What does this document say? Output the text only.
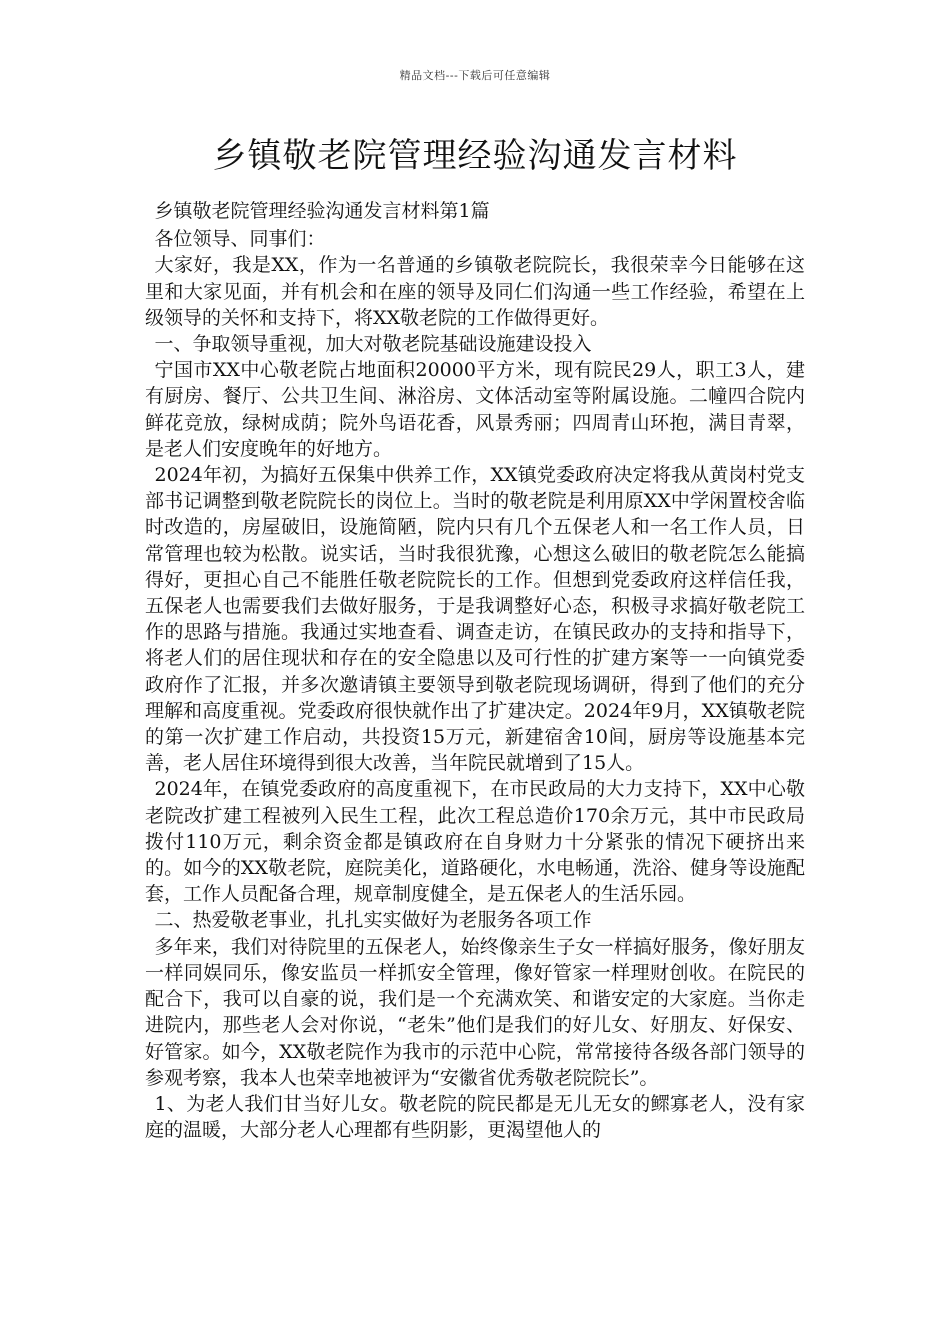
精品文档---下载后可任意编辑
乡镇敬老院管理经验沟通发言材料

乡镇敬老院管理经验沟通发言材料第1篇

各位领导、同事们：

大家好，我是XX，作为一名普通的乡镇敬老院院长，我很荣幸今日能够在这里和大家见面，并有机会和在座的领导及同仁们沟通一些工作经验，希望在上级领导的关怀和支持下，将XX敬老院的工作做得更好。

一、争取领导重视，加大对敬老院基础设施建设投入

宁国市XX中心敬老院占地面积20000平方米，现有院民29人，职工3人，建有厨房、餐厅、公共卫生间、淋浴房、文体活动室等附属设施。二幢四合院内鲜花竞放，绿树成荫；院外鸟语花香，风景秀丽；四周青山环抱，满目青翠，是老人们安度晚年的好地方。

2024年初，为搞好五保集中供养工作，XX镇党委政府决定将我从黄岗村党支部书记调整到敬老院院长的岗位上。当时的敬老院是利用原XX中学闲置校舍临时改造的，房屋破旧，设施简陋，院内只有几个五保老人和一名工作人员，日常管理也较为松散。说实话，当时我很犹豫，心想这么破旧的敬老院怎么能搞得好，更担心自己不能胜任敬老院院长的工作。但想到党委政府这样信任我，五保老人也需要我们去做好服务，于是我调整好心态，积极寻求搞好敬老院工作的思路与措施。我通过实地查看、调查走访，在镇民政办的支持和指导下，将老人们的居住现状和存在的安全隐患以及可行性的扩建方案等一一向镇党委政府作了汇报，并多次邀请镇主要领导到敬老院现场调研，得到了他们的充分理解和高度重视。党委政府很快就作出了扩建决定。2024年9月，XX镇敬老院的第一次扩建工作启动，共投资15万元，新建宿舍10间，厨房等设施基本完善，老人居住环境得到很大改善，当年院民就增到了15人。

2024年，在镇党委政府的高度重视下，在市民政局的大力支持下，XX中心敬老院改扩建工程被列入民生工程，此次工程总造价170余万元，其中市民政局拨付110万元，剩余资金都是镇政府在自身财力十分紧张的情况下硬挤出来的。如今的XX敬老院，庭院美化，道路硬化，水电畅通，洗浴、健身等设施配套，工作人员配备合理，规章制度健全，是五保老人的生活乐园。

二、热爱敬老事业，扎扎实实做好为老服务各项工作

多年来，我们对待院里的五保老人，始终像亲生子女一样搞好服务，像好朋友一样同娱同乐，像安监员一样抓安全管理，像好管家一样理财创收。在院民的配合下，我可以自豪的说，我们是一个充满欢笑、和谐安定的大家庭。当你走进院内，那些老人会对你说，“老朱”他们是我们的好儿女、好朋友、好保安、好管家。如今，XX敬老院作为我市的示范中心院，常常接待各级各部门领导的参观考察，我本人也荣幸地被评为“安徽省优秀敬老院院长”。

1、为老人我们甘当好儿女。敬老院的院民都是无儿无女的鳏寡老人，没有家庭的温暖，大部分老人心理都有些阴影，更渴望他人的
